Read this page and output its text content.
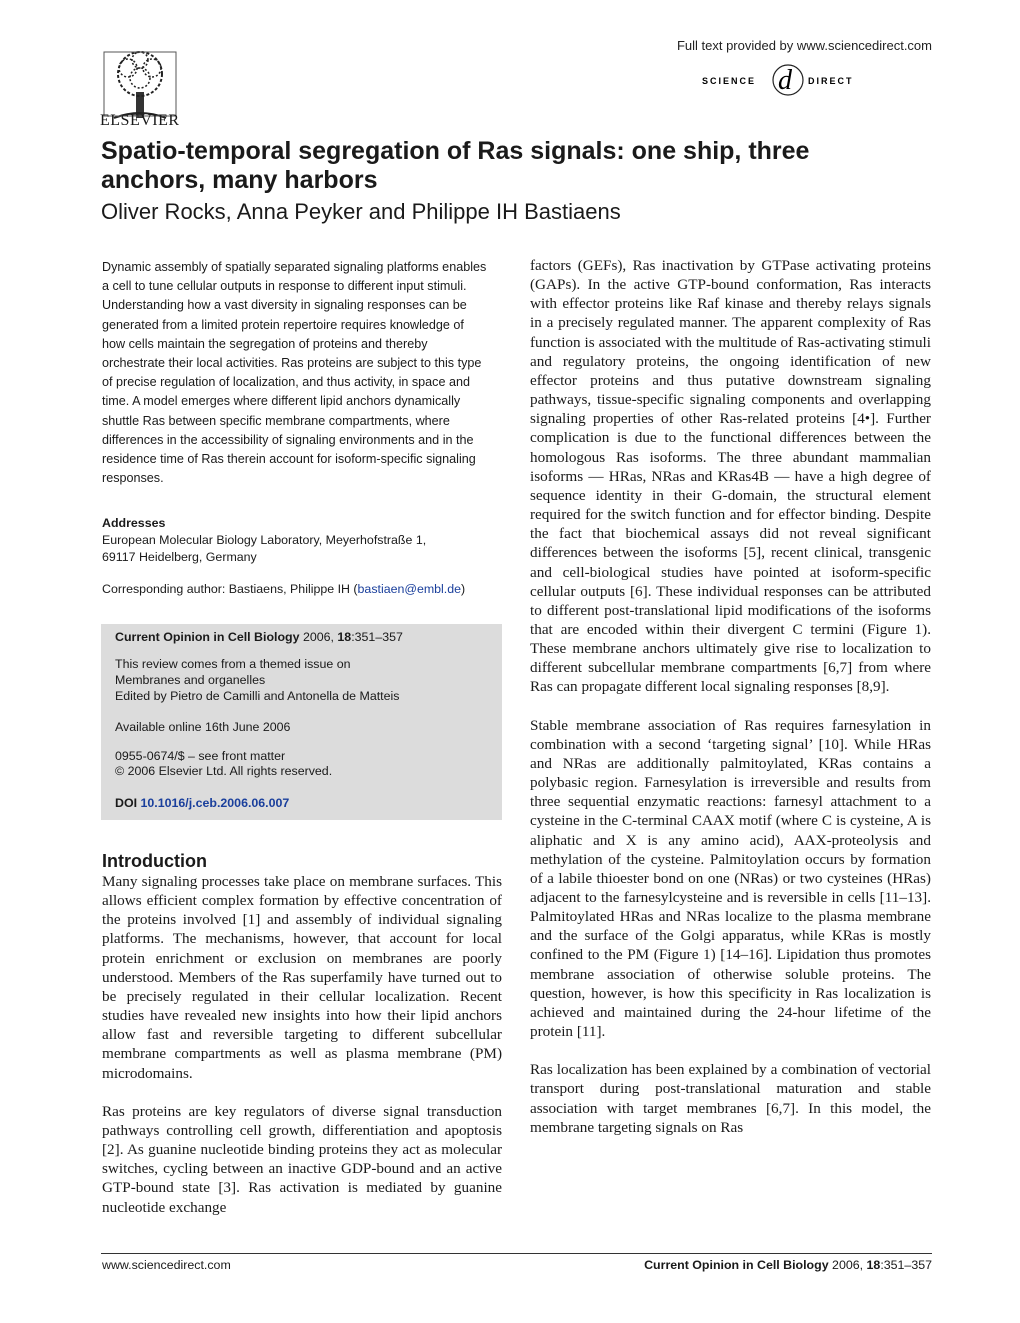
ELSEVIER
Full text provided by www.sciencedirect.com
SCIENCE d DIRECT
Spatio-temporal segregation of Ras signals: one ship, three anchors, many harbors
Oliver Rocks, Anna Peyker and Philippe IH Bastiaens
Dynamic assembly of spatially separated signaling platforms enables a cell to tune cellular outputs in response to different input stimuli. Understanding how a vast diversity in signaling responses can be generated from a limited protein repertoire requires knowledge of how cells maintain the segregation of proteins and thereby orchestrate their local activities. Ras proteins are subject to this type of precise regulation of localization, and thus activity, in space and time. A model emerges where different lipid anchors dynamically shuttle Ras between specific membrane compartments, where differences in the accessibility of signaling environments and in the residence time of Ras therein account for isoform-specific signaling responses.
Addresses
European Molecular Biology Laboratory, Meyerhofstraße 1,
69117 Heidelberg, Germany
Corresponding author: Bastiaens, Philippe IH (bastiaen@embl.de)
Current Opinion in Cell Biology 2006, 18:351–357
This review comes from a themed issue on
Membranes and organelles
Edited by Pietro de Camilli and Antonella de Matteis
Available online 16th June 2006
0955-0674/$ – see front matter
© 2006 Elsevier Ltd. All rights reserved.
DOI 10.1016/j.ceb.2006.06.007
Introduction

Many signaling processes take place on membrane surfaces. This allows efficient complex formation by effective concentration of the proteins involved [1] and assembly of individual signaling platforms. The mechanisms, however, that account for local protein enrichment or exclusion on membranes are poorly understood. Members of the Ras superfamily have turned out to be precisely regulated in their cellular localization. Recent studies have revealed new insights into how their lipid anchors allow fast and reversible targeting to different subcellular membrane compartments as well as plasma membrane (PM) microdomains.

Ras proteins are key regulators of diverse signal transduction pathways controlling cell growth, differentiation and apoptosis [2]. As guanine nucleotide binding proteins they act as molecular switches, cycling between an inactive GDP-bound and an active GTP-bound state [3]. Ras activation is mediated by guanine nucleotide exchange

factors (GEFs), Ras inactivation by GTPase activating proteins (GAPs). In the active GTP-bound conformation, Ras interacts with effector proteins like Raf kinase and thereby relays signals in a precisely regulated manner. The apparent complexity of Ras function is associated with the multitude of Ras-activating stimuli and regulatory proteins, the ongoing identification of new effector proteins and thus putative downstream signaling pathways, tissue-specific signaling components and overlapping signaling properties of other Ras-related proteins [4•]. Further complication is due to the functional differences between the homologous Ras isoforms. The three abundant mammalian isoforms — HRas, NRas and KRas4B — have a high degree of sequence identity in their G-domain, the structural element required for the switch function and for effector binding. Despite the fact that biochemical assays did not reveal significant differences between the isoforms [5], recent clinical, transgenic and cell-biological studies have pointed at isoform-specific cellular outputs [6]. These individual responses can be attributed to different post-translational lipid modifications of the isoforms that are encoded within their divergent C termini (Figure 1). These membrane anchors ultimately give rise to localization to different subcellular membrane compartments [6,7] from where Ras can propagate different local signaling responses [8,9].

Stable membrane association of Ras requires farnesylation in combination with a second ‘targeting signal’ [10]. While HRas and NRas are additionally palmitoylated, KRas contains a polybasic region. Farnesylation is irreversible and results from three sequential enzymatic reactions: farnesyl attachment to a cysteine in the C-terminal CAAX motif (where C is cysteine, A is aliphatic and X is any amino acid), AAX-proteolysis and methylation of the cysteine. Palmitoylation occurs by formation of a labile thioester bond on one (NRas) or two cysteines (HRas) adjacent to the farnesylcysteine and is reversible in cells [11–13]. Palmitoylated HRas and NRas localize to the plasma membrane and the surface of the Golgi apparatus, while KRas is mostly confined to the PM (Figure 1) [14–16]. Lipidation thus promotes membrane association of otherwise soluble proteins. The question, however, is how this specificity in Ras localization is achieved and maintained during the 24-hour lifetime of the protein [11].

Ras localization has been explained by a combination of vectorial transport during post-translational maturation and stable association with target membranes [6,7]. In this model, the membrane targeting signals on Ras

www.sciencedirect.com	Current Opinion in Cell Biology 2006, 18:351–357
